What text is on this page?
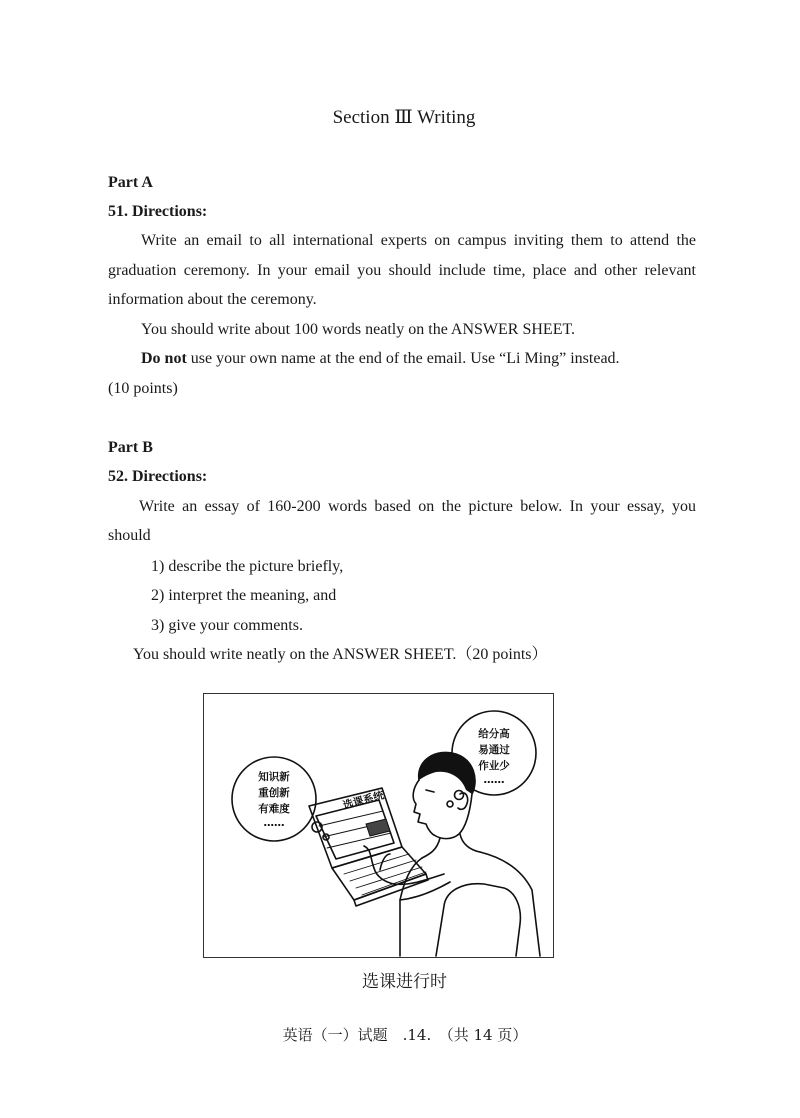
Section Ⅲ Writing
Part A
51. Directions:
Write an email to all international experts on campus inviting them to attend the
graduation ceremony. In your email you should include time, place and other relevant
information about the ceremony.
You should write about 100 words neatly on the ANSWER SHEET.
Do not use your own name at the end of the email. Use “Li Ming” instead.
(10 points)
Part B
52. Directions:
Write an essay of 160-200 words based on the picture below. In your essay, you
should
1) describe the picture briefly,
2) interpret the meaning, and
3) give your comments.
You should write neatly on the ANSWER SHEET.（20 points）
知识新
重创新
有难度
……
给分高
易通过
作业少
……
选课系统
选课进行时
英语（一）试题　.14.　（共 14 页）
